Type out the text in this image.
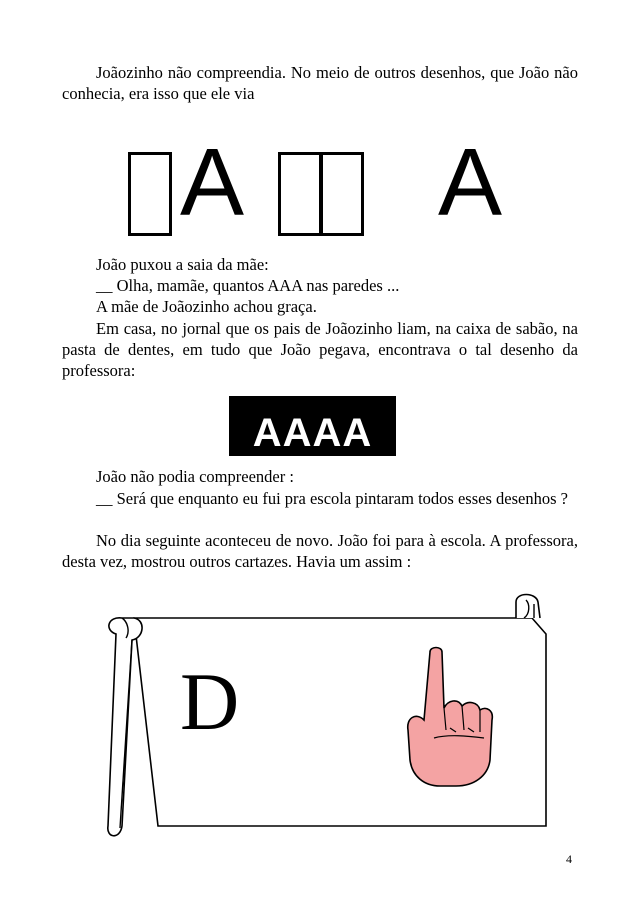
Joãozinho não compreendia. No meio de outros desenhos, que João não conhecia, era isso que ele via

A A

João puxou a saia da mãe:

__ Olha, mamãe, quantos AAA nas paredes ...

A mãe de Joãozinho achou graça.

Em casa, no jornal que os pais de Joãozinho liam, na caixa de sabão, na pasta de dentes, em tudo que João pegava, encontrava o tal desenho da professora:

AAAA

João não podia compreender :

__ Será que enquanto eu fui pra escola pintaram todos esses desenhos ?

No dia seguinte aconteceu de novo. João foi para à escola. A professora, desta vez, mostrou outros cartazes. Havia um assim :

D
4
